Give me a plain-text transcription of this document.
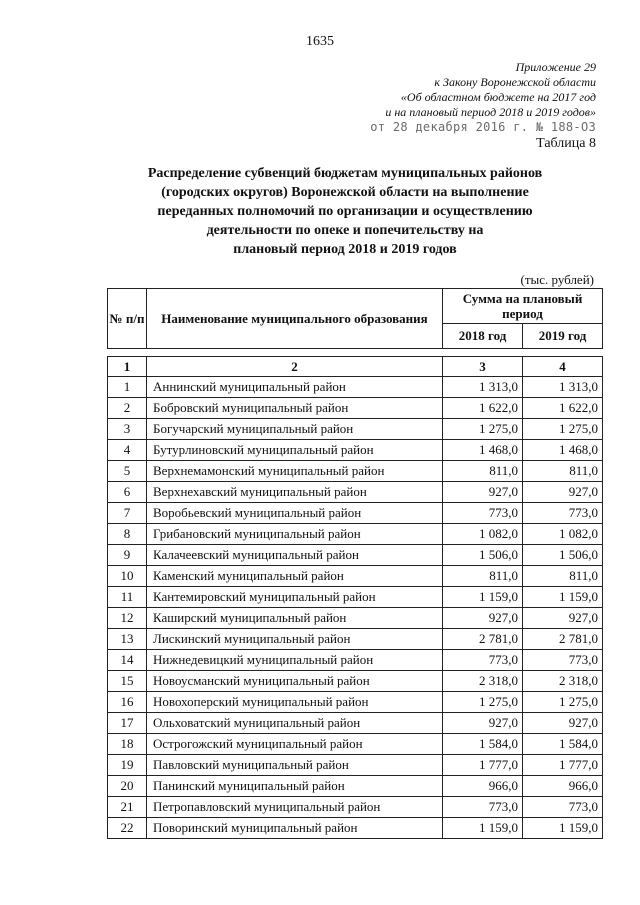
1635
Приложение 29
к Закону Воронежской области
«Об областном бюджете на 2017 год
и на плановый период 2018 и 2019 годов»
от 28 декабря 2016 г. № 188-ОЗ
Таблица 8
Распределение субвенций бюджетам муниципальных районов
(городских округов) Воронежской области на выполнение
переданных полномочий по организации и осуществлению
деятельности по опеке и попечительству на
плановый период 2018 и 2019 годов
(тыс. рублей)
№ п/п	Наименование муниципального образования	Сумма на плановый период	
		2018 год	2019 год

1	2	3	4
1	Аннинский муниципальный район	1 313,0	1 313,0
2	Бобровский муниципальный район	1 622,0	1 622,0
3	Богучарский муниципальный район	1 275,0	1 275,0
4	Бутурлиновский муниципальный район	1 468,0	1 468,0
5	Верхнемамонский муниципальный район	811,0	811,0
6	Верхнехавский муниципальный район	927,0	927,0
7	Воробьевский муниципальный район	773,0	773,0
8	Грибановский муниципальный район	1 082,0	1 082,0
9	Калачеевский муниципальный район	1 506,0	1 506,0
10	Каменский муниципальный район	811,0	811,0
11	Кантемировский муниципальный район	1 159,0	1 159,0
12	Каширский муниципальный район	927,0	927,0
13	Лискинский муниципальный район	2 781,0	2 781,0
14	Нижнедевицкий муниципальный район	773,0	773,0
15	Новоусманский муниципальный район	2 318,0	2 318,0
16	Новохоперский муниципальный район	1 275,0	1 275,0
17	Ольховатский муниципальный район	927,0	927,0
18	Острогожский муниципальный район	1 584,0	1 584,0
19	Павловский муниципальный район	1 777,0	1 777,0
20	Панинский муниципальный район	966,0	966,0
21	Петропавловский муниципальный район	773,0	773,0
22	Поворинский муниципальный район	1 159,0	1 159,0
